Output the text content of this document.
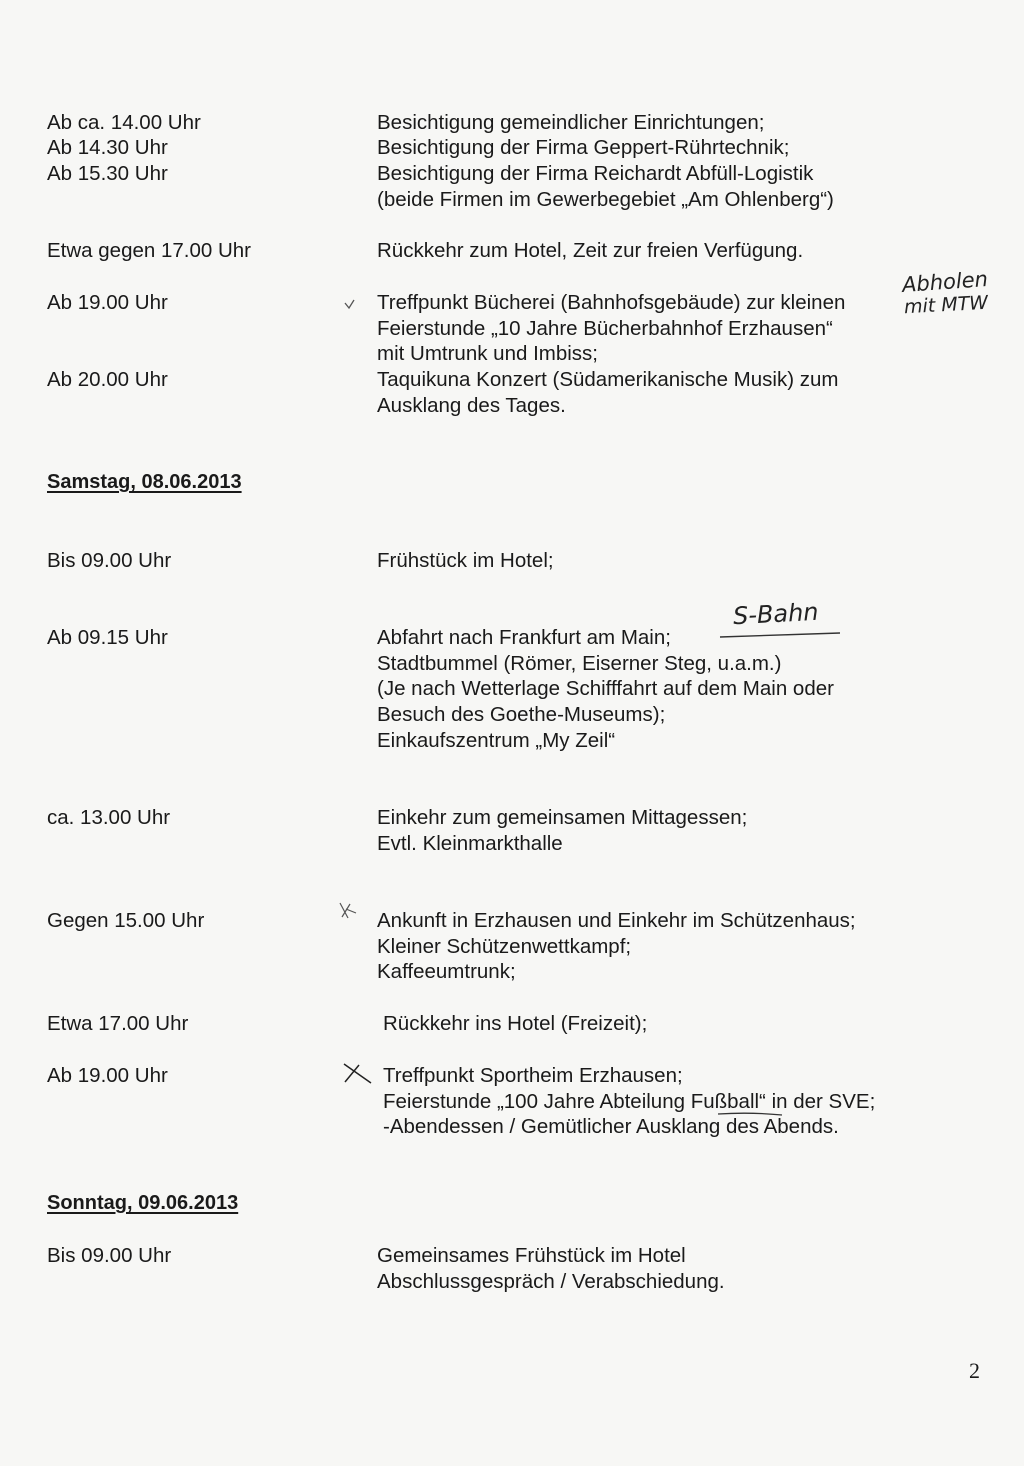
Ab ca. 14.00 Uhr	Besichtigung gemeindlicher Einrichtungen;
Ab 14.30 Uhr	Besichtigung der Firma Geppert-Rührtechnik;
Ab 15.30 Uhr	Besichtigung der Firma Reichardt Abfüll-Logistik
(beide Firmen im Gewerbegebiet „Am Ohlenberg“)
Etwa gegen 17.00 Uhr	Rückkehr zum Hotel, Zeit zur freien Verfügung.
Ab 19.00 Uhr	Treffpunkt Bücherei (Bahnhofsgebäude) zur kleinen
Feierstunde „10 Jahre Bücherbahnhof Erzhausen“
mit Umtrunk und Imbiss;
Ab 20.00 Uhr	Taquikuna Konzert (Südamerikanische Musik) zum
Ausklang des Tages.
Abholen
mit MTW
Samstag, 08.06.2013
Bis 09.00 Uhr	Frühstück im Hotel;
S-Bahn
Ab 09.15 Uhr	Abfahrt nach Frankfurt am Main;
Stadtbummel (Römer, Eiserner Steg, u.a.m.)
(Je nach Wetterlage Schifffahrt auf dem Main oder
Besuch des Goethe-Museums);
Einkaufszentrum „My Zeil“
ca. 13.00 Uhr	Einkehr zum gemeinsamen Mittagessen;
Evtl. Kleinmarkthalle
Gegen 15.00 Uhr	Ankunft in Erzhausen und Einkehr im Schützenhaus;
Kleiner Schützenwettkampf;
Kaffeeumtrunk;
Etwa 17.00 Uhr	Rückkehr ins Hotel (Freizeit);
Ab 19.00 Uhr	Treffpunkt Sportheim Erzhausen;
Feierstunde „100 Jahre Abteilung Fußball“ in der SVE;
-Abendessen / Gemütlicher Ausklang des Abends.
Sonntag, 09.06.2013
Bis 09.00 Uhr	Gemeinsames Frühstück im Hotel
Abschlussgespräch / Verabschiedung.
2
